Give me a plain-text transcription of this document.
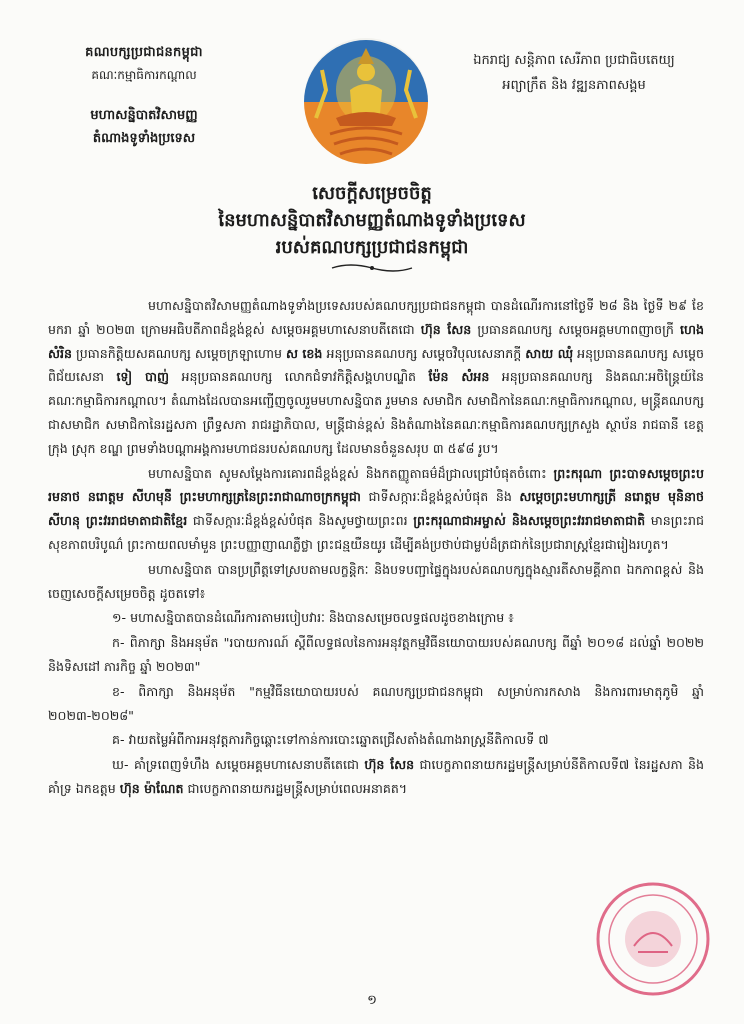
គណបក្សប្រជាជនកម្ពុជា
គណៈកម្មាធិការកណ្តាល
មហាសន្និបាតវិសាមញ្ញ
តំណាងទូទាំងប្រទេស
ឯករាជ្យ សន្តិភាព សេរីភាព ប្រជាធិបតេយ្យ
អព្យាក្រឹត និង វឌ្ឍនភាពសង្គម
សេចក្តីសម្រេចចិត្ត
នៃមហាសន្និបាតវិសាមញ្ញតំណាងទូទាំងប្រទេស
របស់គណបក្សប្រជាជនកម្ពុជា

មហាសន្និបាតវិសាមញ្ញតំណាងទូទាំងប្រទេសរបស់គណបក្សប្រជាជនកម្ពុជា បានដំណើរការនៅថ្ងៃទី ២៨ និង ថ្ងៃទី ២៩ ខែមករា ឆ្នាំ ២០២៣ ក្រោមអធិបតីភាពដ៏ខ្ពង់ខ្ពស់ សម្តេចអគ្គមហាសេនាបតីតេជោ ហ៊ុន សែន ប្រធានគណបក្ស សម្តេចអគ្គមហាពញាចក្រី ហេង សំរិន ប្រធានកិត្តិយសគណបក្ស សម្តេចក្រឡាហោម ស ខេង អនុប្រធានគណបក្ស សម្តេចវិបុលសេនាភក្តី សាយ ឈុំ អនុប្រធានគណបក្ស សម្តេចពិជ័យសេនា ទៀ បាញ់ អនុប្រធានគណបក្ស លោកជំទាវកិត្តិសង្គហបណ្ឌិត ម៉ែន សំអន អនុប្រធានគណបក្ស និងគណៈអចិន្ត្រៃយ៍នៃគណៈកម្មាធិការកណ្តាល។ តំណាងដែលបានអញ្ជើញចូលរួមមហាសន្និបាត រួមមាន សមាជិក សមាជិកានៃគណៈកម្មាធិការកណ្តាល, មន្ត្រីគណបក្សជាសមាជិក សមាជិកានៃរដ្ឋសភា ព្រឹទ្ធសភា រាជរដ្ឋាភិបាល, មន្ត្រីជាន់ខ្ពស់ និងតំណាងនៃគណៈកម្មាធិការគណបក្សក្រសួង ស្ថាប័ន រាជធានី ខេត្ត ក្រុង ស្រុក ខណ្ឌ ព្រមទាំងបណ្តាអង្គការមហាជនរបស់គណបក្ស ដែលមានចំនួនសរុប ៣ ៥៩៨ រូប។

មហាសន្និបាត សូមសម្តែងការគោរពដ៏ខ្ពង់ខ្ពស់ និងកតញ្ញូតាធម៌ដ៏ជ្រាលជ្រៅបំផុតចំពោះ ព្រះករុណា ព្រះបាទសម្តេចព្រះបរមនាថ នរោត្តម សីហមុនី ព្រះមហាក្សត្រនៃព្រះរាជាណាចក្រកម្ពុជា ជាទីសក្ការៈដ៏ខ្ពង់ខ្ពស់បំផុត និង សម្តេចព្រះមហាក្សត្រី នរោត្តម មុនិនាថ សីហនុ ព្រះវររាជមាតាជាតិខ្មែរ ជាទីសក្ការៈដ៏ខ្ពង់ខ្ពស់បំផុត និងសូមថ្វាយព្រះពរ ព្រះករុណាជាអម្ចាស់ និងសម្តេចព្រះវររាជមាតាជាតិ មានព្រះរាជសុខភាពបរិបូណ៌ ព្រះកាយពលមាំមួន ព្រះបញ្ញាញាណភ្លឺថ្លា ព្រះជន្មយឺនយូរ ដើម្បីគង់ប្រថាប់ជាម្លប់ដ៏ត្រជាក់នៃប្រជារាស្ត្រខ្មែរជារៀងរហូត។

មហាសន្និបាត បានប្រព្រឹត្តទៅស្របតាមលក្ខន្តិកៈ និងបទបញ្ជាផ្ទៃក្នុងរបស់គណបក្សក្នុងស្មារតីសាមគ្គីភាព ឯកភាពខ្ពស់ និងចេញសេចក្តីសម្រេចចិត្ត ដូចតទៅ៖

១- មហាសន្និបាតបានដំណើរការតាមរបៀបវារៈ និងបានសម្រេចលទ្ធផលដូចខាងក្រោម ៖

ក- ពិភាក្សា និងអនុម័ត "របាយការណ៍ ស្តីពីលទ្ធផលនៃការអនុវត្តកម្មវិធីនយោបាយរបស់គណបក្ស ពីឆ្នាំ ២០១៨ ដល់ឆ្នាំ ២០២២ និងទិសដៅ ភារកិច្ច ឆ្នាំ ២០២៣"

ខ- ពិភាក្សា និងអនុម័ត "កម្មវិធីនយោបាយរបស់ គណបក្សប្រជាជនកម្ពុជា សម្រាប់ការកសាង និងការពារមាតុភូមិ ឆ្នាំ ២០២៣-២០២៨"

គ- វាយតម្លៃអំពីការអនុវត្តភារកិច្ចឆ្ពោះទៅកាន់ការបោះឆ្នោតជ្រើសតាំងតំណាងរាស្ត្រនីតិកាលទី ៧

ឃ- គាំទ្រពេញទំហឹង សម្តេចអគ្គមហាសេនាបតីតេជោ ហ៊ុន សែន ជាបេក្ខភាពនាយករដ្ឋមន្ត្រីសម្រាប់នីតិកាលទី៧ នៃរដ្ឋសភា និងគាំទ្រ ឯកឧត្តម ហ៊ុន ម៉ាណែត ជាបេក្ខភាពនាយករដ្ឋមន្ត្រីសម្រាប់ពេលអនាគត។

១
